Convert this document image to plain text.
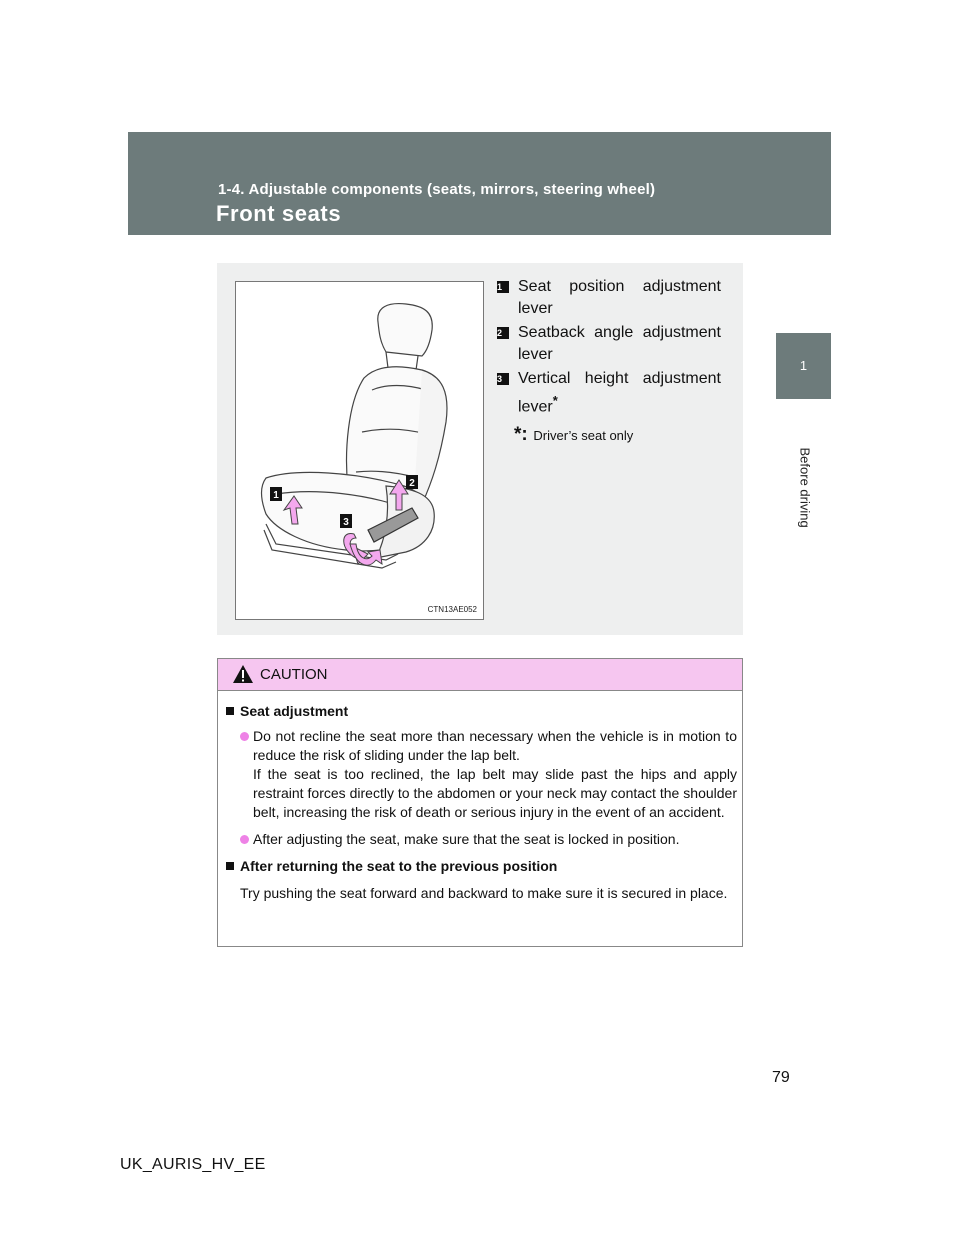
1-4. Adjustable components (seats, mirrors, steering wheel)
Front seats
1
Before driving
1
2
3
CTN13AE052
1 Seat position adjustment lever
2 Seatback angle adjustment lever
3 Vertical height adjustment lever*
*: Driver’s seat only
CAUTION
Seat adjustment
Do not recline the seat more than necessary when the vehicle is in motion to reduce the risk of sliding under the lap belt.
If the seat is too reclined, the lap belt may slide past the hips and apply restraint forces directly to the abdomen or your neck may contact the shoulder belt, increasing the risk of death or serious injury in the event of an accident.
After adjusting the seat, make sure that the seat is locked in position.
After returning the seat to the previous position
Try pushing the seat forward and backward to make sure it is secured in place.
79
UK_AURIS_HV_EE
